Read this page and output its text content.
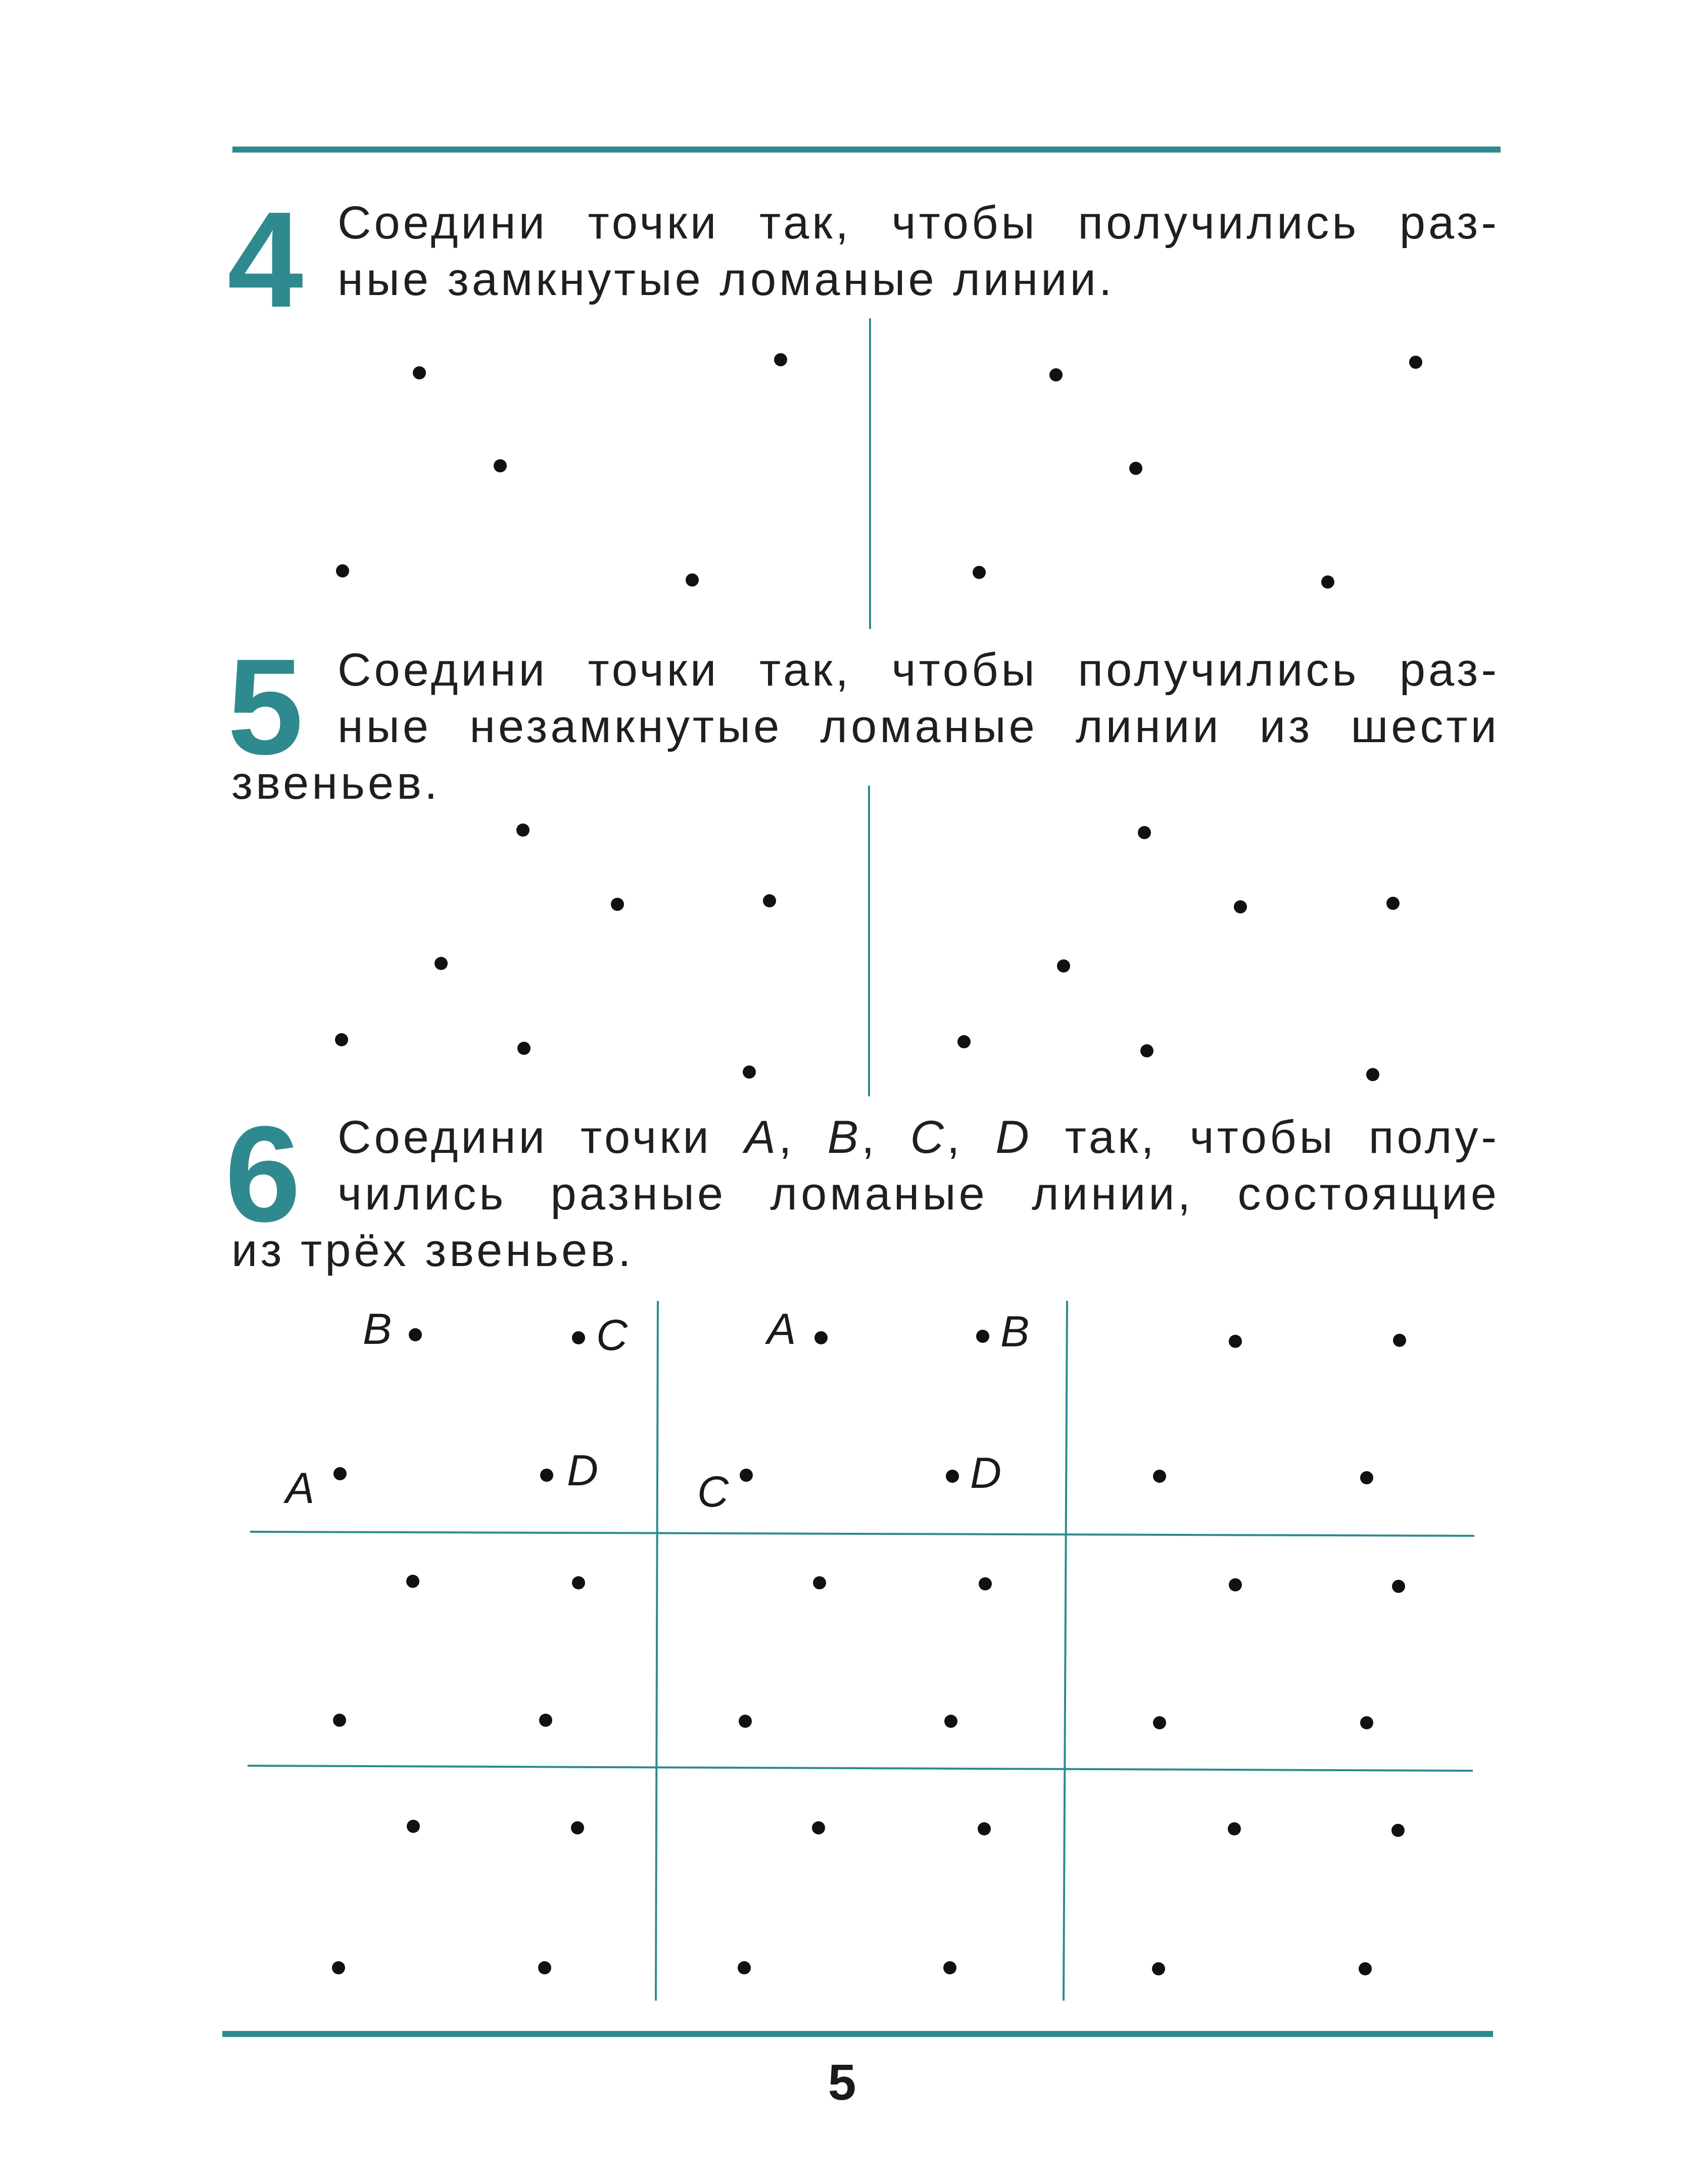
4 Соедини точки так, чтобы получились раз-
ные замкнутые ломаные линии.
5 Соедини точки так, чтобы получились раз-
ные незамкнутые ломаные линии из шести
звеньев.
6 Соедини точки A, B, C, D так, чтобы полу-
чились разные ломаные линии, состоящие
из трёх звеньев.
B	C
A	D
A	B
C	D
5
